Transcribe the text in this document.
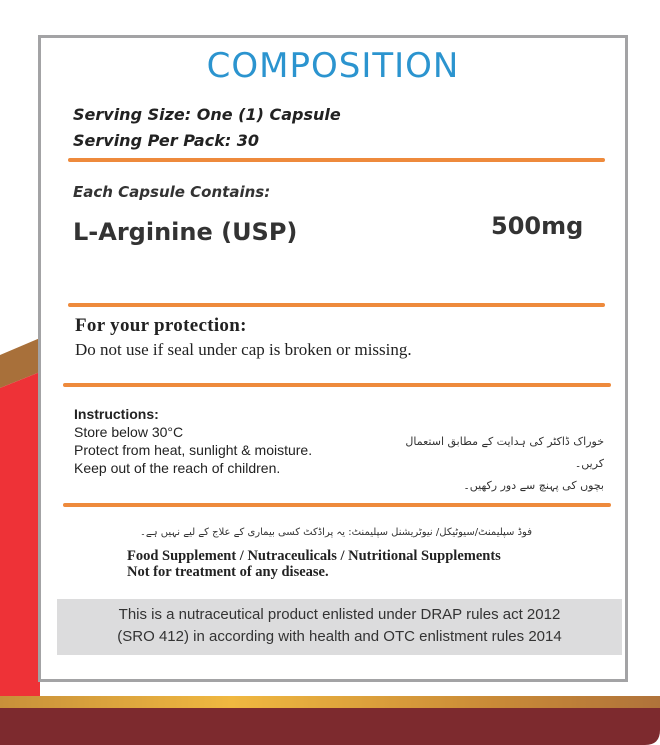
COMPOSITION
Serving Size: One (1) Capsule
Serving Per Pack: 30
Each Capsule Contains:
L-Arginine (USP)	500mg
For your protection:
Do not use if seal under cap is broken or missing.
Instructions:
Store below 30°C
Protect from heat, sunlight & moisture.
Keep out of the reach of children.
خوراک ڈاکٹر کی ہدایت کے مطابق استعمال کریں۔
بچوں کی پہنچ سے دور رکھیں۔
فوڈ سپلیمنٹ/سیوٹیکل/ نیوٹریشنل سپلیمنٹ: یہ پراڈکٹ کسی بیماری کے علاج کے لیے نہیں ہے۔
Food Supplement / Nutraceulicals / Nutritional Supplements
Not for treatment of any disease.
This is a nutraceutical product enlisted under DRAP rules act 2012
(SRO 412) in according with health and OTC enlistment rules 2014
